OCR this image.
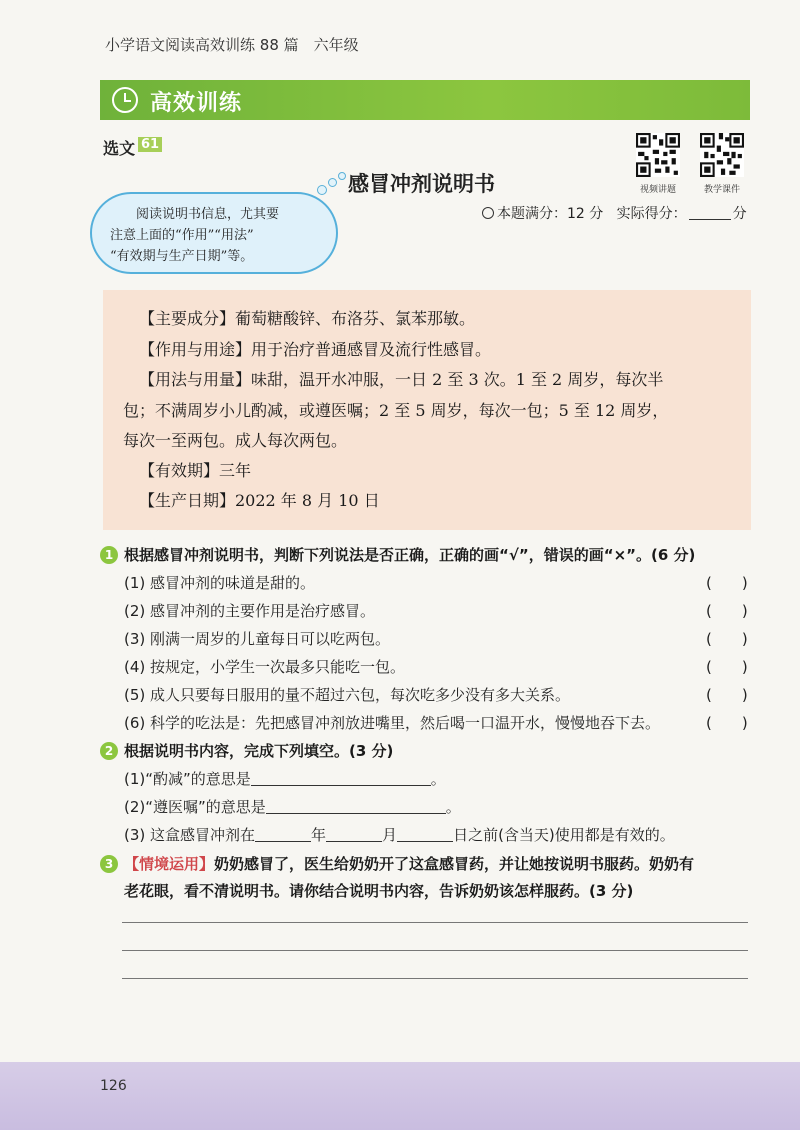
小学语文阅读高效训练 88 篇　六年级
高效训练
选文 61
视频讲题	教学课件
感冒冲剂说明书
阅读说明书信息，尤其要
注意上面的“作用”“用法”
“有效期与生产日期”等。
本题满分：12 分 实际得分：	分

【主要成分】葡萄糖酸锌、布洛芬、氯苯那敏。

【作用与用途】用于治疗普通感冒及流行性感冒。

【用法与用量】味甜，温开水冲服，一日 2 至 3 次。1 至 2 周岁，每次半

包；不满周岁小儿酌减，或遵医嘱；2 至 5 周岁，每次一包；5 至 12 周岁，

每次一至两包。成人每次两包。

【有效期】三年

【生产日期】2022 年 8 月 10 日

1 根据感冒冲剂说明书，判断下列说法是否正确，正确的画“√”，错误的画“×”。(6 分)
(1) 感冒冲剂的味道是甜的。	(　　)
(2) 感冒冲剂的主要作用是治疗感冒。	(　　)
(3) 刚满一周岁的儿童每日可以吃两包。	(　　)
(4) 按规定，小学生一次最多只能吃一包。	(　　)
(5) 成人只要每日服用的量不超过六包，每次吃多少没有多大关系。	(　　)
(6) 科学的吃法是：先把感冒冲剂放进嘴里，然后喝一口温开水，慢慢地吞下去。	(　　)
2 根据说明书内容，完成下列填空。(3 分)
(1)“酌减”的意思是	。
(2)“遵医嘱”的意思是	。
(3) 这盒感冒冲剂在	年	月	日之前(含当天)使用都是有效的。
3 【情境运用】奶奶感冒了，医生给奶奶开了这盒感冒药，并让她按说明书服药。奶奶有
老花眼，看不清说明书。请你结合说明书内容，告诉奶奶该怎样服药。(3 分)
126
